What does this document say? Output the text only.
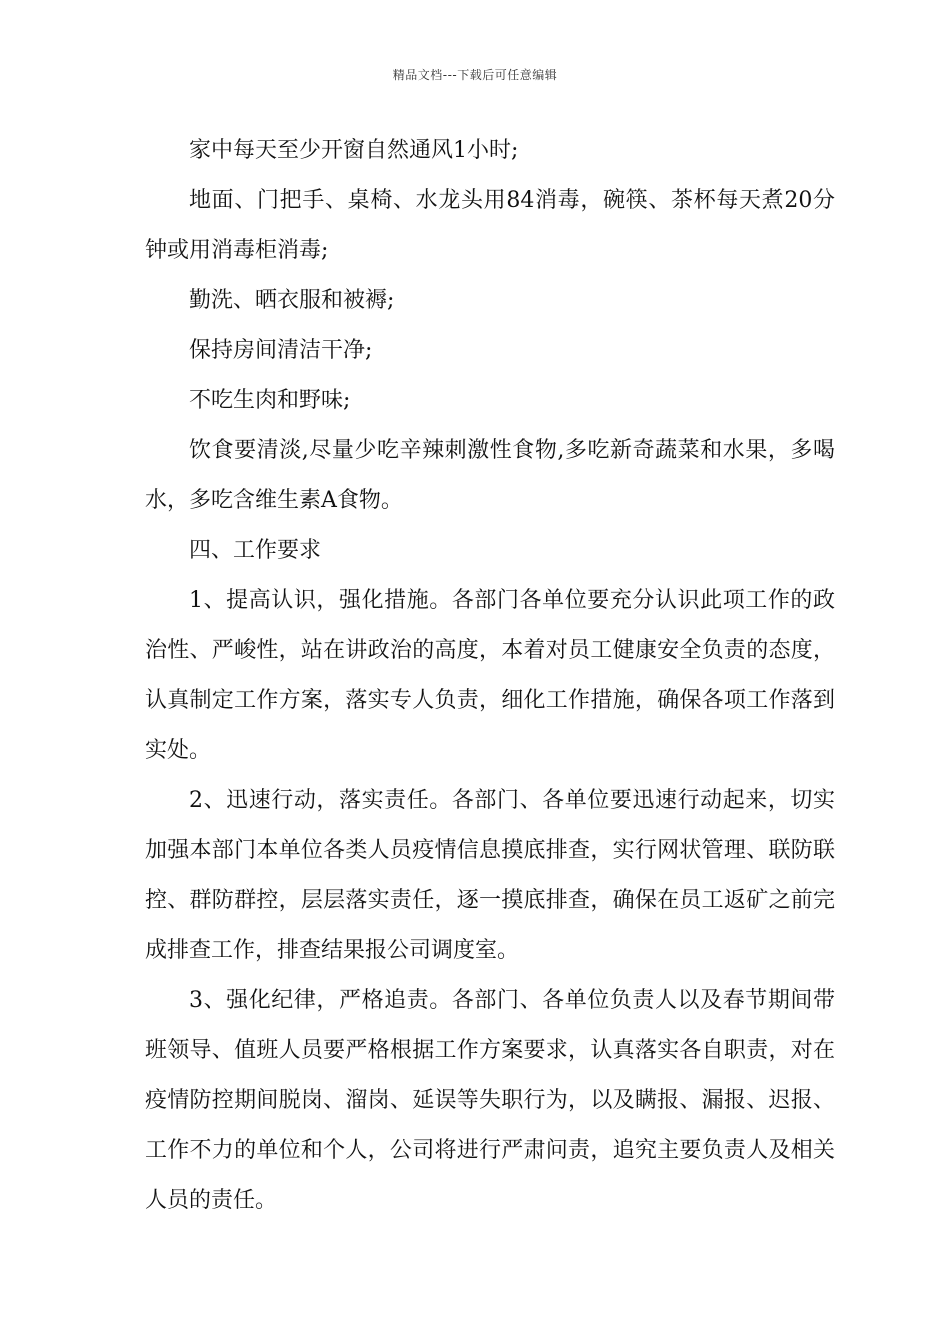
精品文档---下载后可任意编辑

家中每天至少开窗自然通风1小时;

地面、门把手、桌椅、水龙头用84消毒，碗筷、茶杯每天煮20分钟或用消毒柜消毒;

勤洗、晒衣服和被褥;

保持房间清洁干净;

不吃生肉和野味;

饮食要清淡,尽量少吃辛辣刺激性食物,多吃新奇蔬菜和水果，多喝水，多吃含维生素A食物。

四、工作要求

1、提高认识，强化措施。各部门各单位要充分认识此项工作的政治性、严峻性，站在讲政治的高度，本着对员工健康安全负责的态度，认真制定工作方案，落实专人负责，细化工作措施，确保各项工作落到实处。

2、迅速行动，落实责任。各部门、各单位要迅速行动起来，切实加强本部门本单位各类人员疫情信息摸底排查，实行网状管理、联防联控、群防群控，层层落实责任，逐一摸底排查，确保在员工返矿之前完成排查工作，排查结果报公司调度室。

3、强化纪律，严格追责。各部门、各单位负责人以及春节期间带班领导、值班人员要严格根据工作方案要求，认真落实各自职责，对在疫情防控期间脱岗、溜岗、延误等失职行为，以及瞒报、漏报、迟报、工作不力的单位和个人，公司将进行严肃问责，追究主要负责人及相关人员的责任。
